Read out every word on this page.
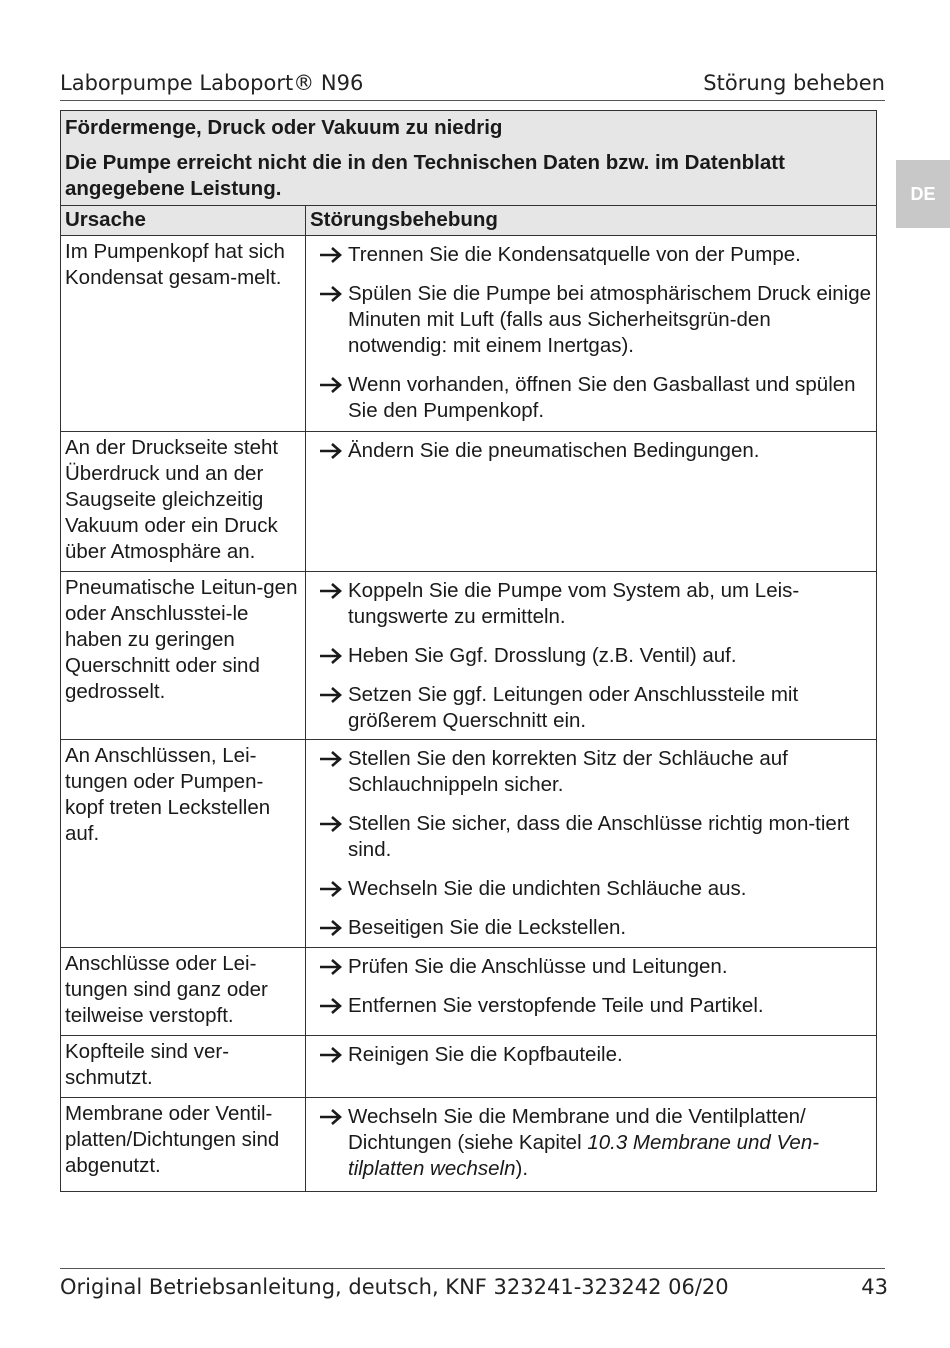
Laborpumpe Laboport® N96	Störung beheben
DE
Fördermenge, Druck oder Vakuum zu niedrig
Die Pumpe erreicht nicht die in den Technischen Daten bzw. im Datenblatt angegebene Leistung.	

Ursache	Störungsbehebung
Im Pumpenkopf hat sich Kondensat gesam-melt.	Trennen Sie die Kondensatquelle von der Pumpe.
Spülen Sie die Pumpe bei atmosphärischem Druck einige Minuten mit Luft (falls aus Sicherheitsgrün-den notwendig: mit einem Inertgas).
Wenn vorhanden, öffnen Sie den Gasballast und spülen Sie den Pumpenkopf.

An der Druckseite steht Überdruck und an der Saugseite gleichzeitig Vakuum oder ein Druck über Atmosphäre an.	Ändern Sie die pneumatischen Bedingungen.

Pneumatische Leitun-gen oder Anschlusstei-le haben zu geringen Querschnitt oder sind gedrosselt.	Koppeln Sie die Pumpe vom System ab, um Leis-tungswerte zu ermitteln.
Heben Sie Ggf. Drosslung (z.B. Ventil) auf.
Setzen Sie ggf. Leitungen oder Anschlussteile mit größerem Querschnitt ein.

An Anschlüssen, Lei-tungen oder Pumpen-kopf treten Leckstellen auf.	Stellen Sie den korrekten Sitz der Schläuche auf Schlauchnippeln sicher.
Stellen Sie sicher, dass die Anschlüsse richtig mon-tiert sind.
Wechseln Sie die undichten Schläuche aus.
Beseitigen Sie die Leckstellen.

Anschlüsse oder Lei-tungen sind ganz oder teilweise verstopft.	Prüfen Sie die Anschlüsse und Leitungen.
Entfernen Sie verstopfende Teile und Partikel.

Kopfteile sind ver-schmutzt.	Reinigen Sie die Kopfbauteile.

Membrane oder Ventil-platten/Dichtungen sind abgenutzt.	Wechseln Sie die Membrane und die Ventilplatten/ Dichtungen (siehe Kapitel 10.3 Membrane und Ven-tilplatten wechseln).
Original Betriebsanleitung, deutsch, KNF 323241-323242 06/20	43
